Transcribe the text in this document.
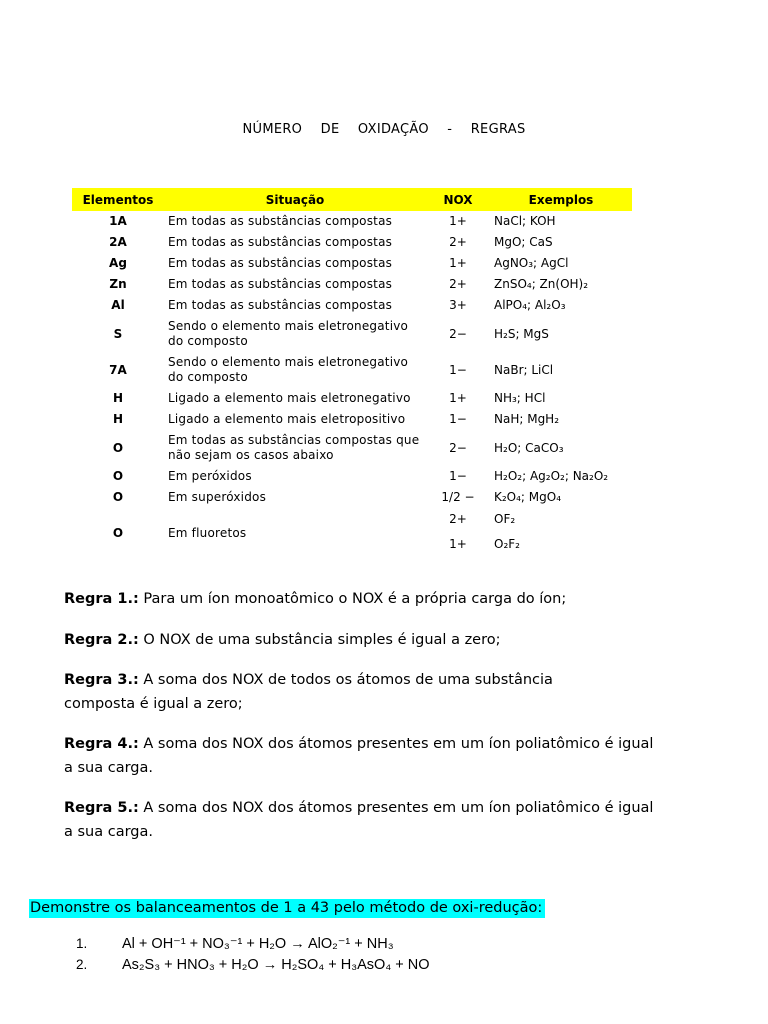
NÚMERO DE OXIDAÇÃO - REGRAS
Elementos	Situação	NOX	Exemplos
1A	Em todas as substâncias compostas	1+	NaCl; KOH
2A	Em todas as substâncias compostas	2+	MgO; CaS
Ag	Em todas as substâncias compostas	1+	AgNO₃; AgCl
Zn	Em todas as substâncias compostas	2+	ZnSO₄; Zn(OH)₂
Al	Em todas as substâncias compostas	3+	AlPO₄; Al₂O₃
S	Sendo o elemento mais eletronegativo do composto	2−	H₂S; MgS
7A	Sendo o elemento mais eletronegativo do composto	1−	NaBr; LiCl
H	Ligado a elemento mais eletronegativo	1+	NH₃; HCl
H	Ligado a elemento mais eletropositivo	1−	NaH; MgH₂
O	Em todas as substâncias compostas que não sejam os casos abaixo	2−	H₂O; CaCO₃
O	Em peróxidos	1−	H₂O₂; Ag₂O₂; Na₂O₂
O	Em superóxidos	1/2 −	K₂O₄; MgO₄
O	Em fluoretos	2+	OF₂
		1+	O₂F₂
Regra 1.: Para um íon monoatômico o NOX é a própria carga do íon;
Regra 2.: O NOX de uma substância simples é igual a zero;
Regra 3.: A soma dos NOX de todos os átomos de uma substância composta é igual a zero;
Regra 4.: A soma dos NOX dos átomos presentes em um íon poliatômico é igual a sua carga.
Regra 5.: A soma dos NOX dos átomos presentes em um íon poliatômico é igual a sua carga.
Demonstre os balanceamentos de 1 a 43 pelo método de oxi-redução:
1. Al + OH⁻¹ + NO₃⁻¹ + H₂O → AlO₂⁻¹ + NH₃
2. As₂S₃ + HNO₃ + H₂O → H₂SO₄ + H₃AsO₄ + NO
